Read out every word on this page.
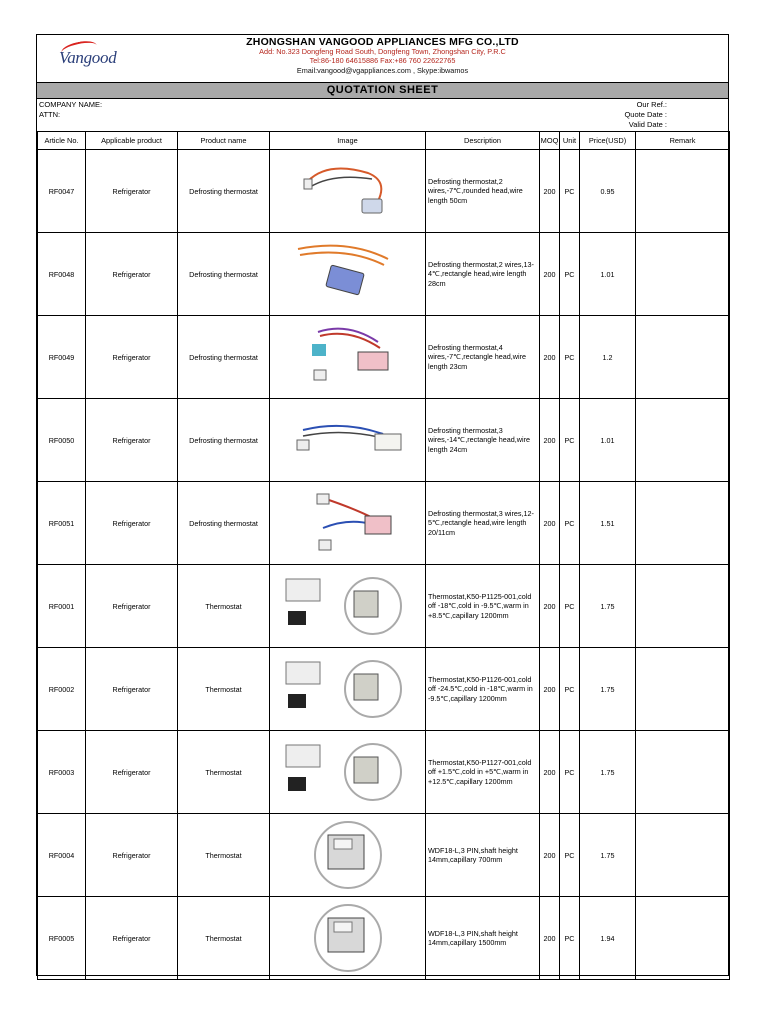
Vangood
ZHONGSHAN VANGOOD APPLIANCES MFG CO.,LTD
Add: No.323 Dongfeng Road South, Dongfeng Town, Zhongshan City, P.R.C
Tel:86-180 64615886 Fax:+86 760 22622765
Email:vangood@vgappliances.com , Skype:ibwamos
QUOTATION SHEET
COMPANY NAME:
ATTN:
Our Ref.:
Quote Date :
Valid Date :
Article No.	Applicable product	Product name	Image	Description	MOQ	Unit	Price(USD)	Remark
RF0047	Refrigerator	Defrosting thermostat		Defrosting thermostat,2 wires,-7℃,rounded head,wire length 50cm	200	PC	0.95	
RF0048	Refrigerator	Defrosting thermostat		Defrosting thermostat,2 wires,13-4℃,rectangle head,wire length 28cm	200	PC	1.01	
RF0049	Refrigerator	Defrosting thermostat		Defrosting thermostat,4 wires,-7℃,rectangle head,wire length 23cm	200	PC	1.2	
RF0050	Refrigerator	Defrosting thermostat		Defrosting thermostat,3 wires,-14℃,rectangle head,wire length 24cm	200	PC	1.01	
RF0051	Refrigerator	Defrosting thermostat		Defrosting thermostat,3 wires,12-5℃,rectangle head,wire length 20/11cm	200	PC	1.51	
RF0001	Refrigerator	Thermostat		Thermostat,K50-P1125-001,cold off -18℃,cold in -9.5℃,warm in +8.5℃,capillary 1200mm	200	PC	1.75	
RF0002	Refrigerator	Thermostat		Thermostat,K50-P1126-001,cold off -24.5℃,cold in -18℃,warm in -9.5℃,capillary 1200mm	200	PC	1.75	
RF0003	Refrigerator	Thermostat		Thermostat,K50-P1127-001,cold off +1.5℃,cold in +5℃,warm in +12.5℃,capillary 1200mm	200	PC	1.75	
RF0004	Refrigerator	Thermostat		WDF18-L,3 PIN,shaft height 14mm,capillary 700mm	200	PC	1.75	
RF0005	Refrigerator	Thermostat		WDF18-L,3 PIN,shaft height 14mm,capillary 1500mm	200	PC	1.94	
